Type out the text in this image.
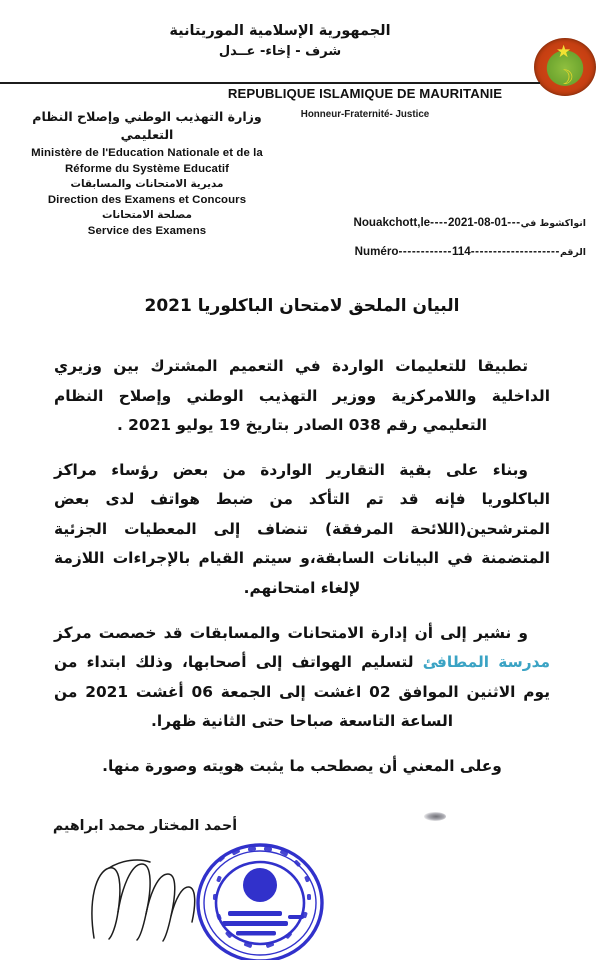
الجمهورية الإسلامية الموريتانية
شرف - إخاء- عــدل
☽
REPUBLIQUE ISLAMIQUE DE MAURITANIE
Honneur-Fraternité- Justice
وزارة التهذيب الوطني وإصلاح النظام التعليمي
Ministère de l'Education Nationale et de la
Réforme du Système Educatif
مديرية الامتحانات والمسابقات
Direction des Examens et Concours
مصلحة الامتحانات
Service des Examens
Nouakchott,le ---- 2021-08-01 --- انواكشوط في
Numéro ------------ 114 -------------------- الرقم
البيان الملحق لامتحان الباكلوريا 2021

تطبيقا للتعليمات الواردة في التعميم المشترك بين وزيري الداخلية واللامركزية ووزير التهذيب الوطني وإصلاح النظام التعليمي رقم 038 الصادر بتاريخ 19 يوليو 2021 .

وبناء على بقية التقارير الواردة من بعض رؤساء مراكز الباكلوريا فإنه قد تم التأكد من ضبط هواتف لدى بعض المترشحين(اللائحة المرفقة) تنضاف إلى المعطيات الجزئية المتضمنة في البيانات السابقة،و سيتم القيام بالإجراءات اللازمة لإلغاء امتحانهم.

و نشير إلى أن إدارة الامتحانات والمسابقات قد خصصت مركز مدرسة المطافئ لتسليم الهواتف إلى أصحابها، وذلك ابتداء من يوم الاثنين الموافق 02 اغشت إلى الجمعة 06 أغشت 2021 من الساعة التاسعة صباحا حتى الثانية ظهرا.

وعلى المعني أن يصطحب ما يثبت هويته وصورة منها.

أحمد المختار محمد ابراهيم
